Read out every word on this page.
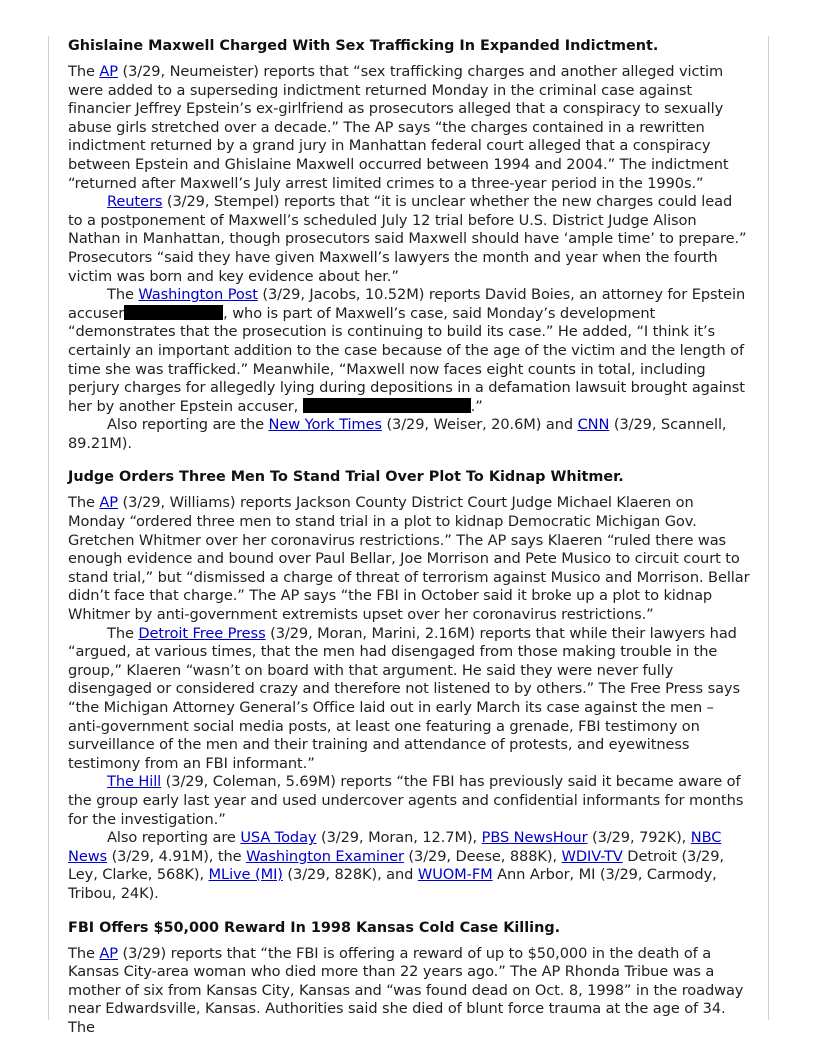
Ghislaine Maxwell Charged With Sex Trafficking In Expanded Indictment.

The AP (3/29, Neumeister) reports that “sex trafficking charges and another alleged victim were added to a superseding indictment returned Monday in the criminal case against financier Jeffrey Epstein’s ex-girlfriend as prosecutors alleged that a conspiracy to sexually abuse girls stretched over a decade.” The AP says “the charges contained in a rewritten indictment returned by a grand jury in Manhattan federal court alleged that a conspiracy between Epstein and Ghislaine Maxwell occurred between 1994 and 2004.” The indictment “returned after Maxwell’s July arrest limited crimes to a three-year period in the 1990s.”

Reuters (3/29, Stempel) reports that “it is unclear whether the new charges could lead to a postponement of Maxwell’s scheduled July 12 trial before U.S. District Judge Alison Nathan in Manhattan, though prosecutors said Maxwell should have ‘ample time’ to prepare.” Prosecutors “said they have given Maxwell’s lawyers the month and year when the fourth victim was born and key evidence about her.”

The Washington Post (3/29, Jacobs, 10.52M) reports David Boies, an attorney for Epstein accuser	, who is part of Maxwell’s case, said Monday’s development “demonstrates that the prosecution is continuing to build its case.” He added, “I think it’s certainly an important addition to the case because of the age of the victim and the length of time she was trafficked.” Meanwhile, “Maxwell now faces eight counts in total, including perjury charges for allegedly lying during depositions in a defamation lawsuit brought against her by another Epstein accuser,	.”

Also reporting are the New York Times (3/29, Weiser, 20.6M) and CNN (3/29, Scannell, 89.21M).

Judge Orders Three Men To Stand Trial Over Plot To Kidnap Whitmer.

The AP (3/29, Williams) reports Jackson County District Court Judge Michael Klaeren on Monday “ordered three men to stand trial in a plot to kidnap Democratic Michigan Gov. Gretchen Whitmer over her coronavirus restrictions.” The AP says Klaeren “ruled there was enough evidence and bound over Paul Bellar, Joe Morrison and Pete Musico to circuit court to stand trial,” but “dismissed a charge of threat of terrorism against Musico and Morrison. Bellar didn’t face that charge.” The AP says “the FBI in October said it broke up a plot to kidnap Whitmer by anti-government extremists upset over her coronavirus restrictions.”

The Detroit Free Press (3/29, Moran, Marini, 2.16M) reports that while their lawyers had “argued, at various times, that the men had disengaged from those making trouble in the group,” Klaeren “wasn’t on board with that argument. He said they were never fully disengaged or considered crazy and therefore not listened to by others.” The Free Press says “the Michigan Attorney General’s Office laid out in early March its case against the men – anti-government social media posts, at least one featuring a grenade, FBI testimony on surveillance of the men and their training and attendance of protests, and eyewitness testimony from an FBI informant.”

The Hill (3/29, Coleman, 5.69M) reports “the FBI has previously said it became aware of the group early last year and used undercover agents and confidential informants for months for the investigation.”

Also reporting are USA Today (3/29, Moran, 12.7M), PBS NewsHour (3/29, 792K), NBC News (3/29, 4.91M), the Washington Examiner (3/29, Deese, 888K), WDIV-TV Detroit (3/29, Ley, Clarke, 568K), MLive (MI) (3/29, 828K), and WUOM-FM Ann Arbor, MI (3/29, Carmody, Tribou, 24K).

FBI Offers $50,000 Reward In 1998 Kansas Cold Case Killing.

The AP (3/29) reports that “the FBI is offering a reward of up to $50,000 in the death of a Kansas City-area woman who died more than 22 years ago.” The AP Rhonda Tribue was a mother of six from Kansas City, Kansas and “was found dead on Oct. 8, 1998” in the roadway near Edwardsville, Kansas. Authorities said she died of blunt force trauma at the age of 34. The
